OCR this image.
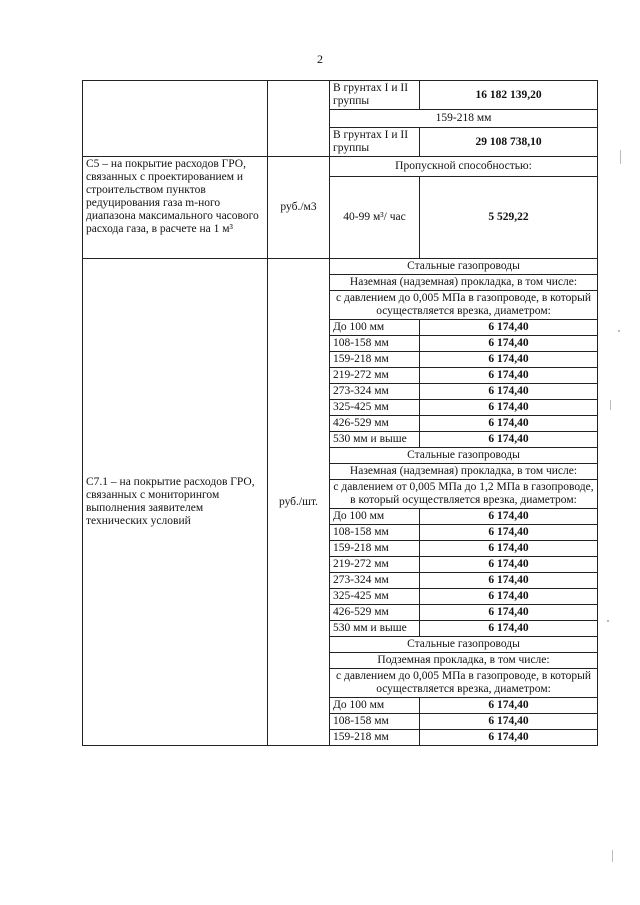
2
		В грунтах I и II группы	16 182 139,20
		159-218 мм	
		В грунтах I и II группы	29 108 738,10
С5 – на покрытие расходов ГРО, связанных с проектированием и строительством пунктов редуцирования газа m-ного диапазона максимального часового расхода газа, в расчете на 1 м³	руб./м3	Пропускной способностью:	
		40-99 м³/ час	5 529,22
С7.1 – на покрытие расходов ГРО, связанных с мониторингом выполнения заявителем технических условий	руб./шт.	Стальные газопроводы	
		Наземная (надземная) прокладка, в том числе:	
		с давлением до 0,005 МПа в газопроводе, в который осуществляется врезка, диаметром:	
		До 100 мм	6 174,40
		108-158 мм	6 174,40
		159-218 мм	6 174,40
		219-272 мм	6 174,40
		273-324 мм	6 174,40
		325-425 мм	6 174,40
		426-529 мм	6 174,40
		530 мм и выше	6 174,40
		Стальные газопроводы	
		Наземная (надземная) прокладка, в том числе:	
		с давлением от 0,005 МПа до 1,2 МПа в газопроводе, в который осуществляется врезка, диаметром:	
		До 100 мм	6 174,40
		108-158 мм	6 174,40
		159-218 мм	6 174,40
		219-272 мм	6 174,40
		273-324 мм	6 174,40
		325-425 мм	6 174,40
		426-529 мм	6 174,40
		530 мм и выше	6 174,40
		Стальные газопроводы	
		Подземная прокладка, в том числе:	
		с давлением до 0,005 МПа в газопроводе, в который осуществляется врезка, диаметром:	
		До 100 мм	6 174,40
		108-158 мм	6 174,40
		159-218 мм	6 174,40
